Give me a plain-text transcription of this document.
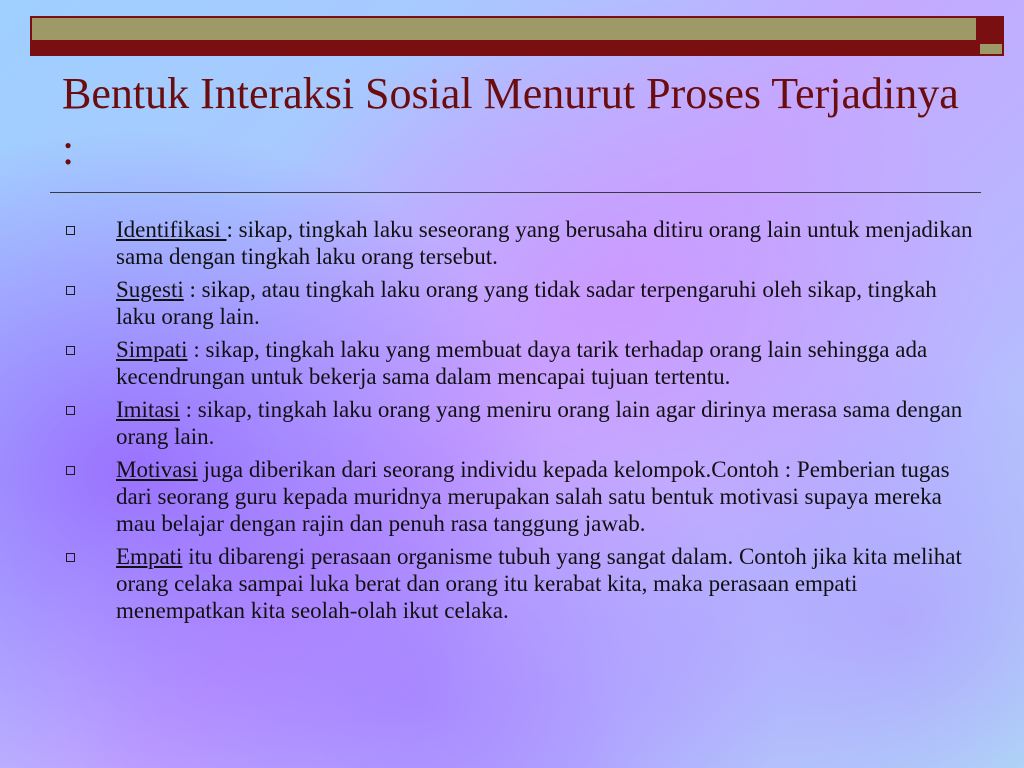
Bentuk Interaksi Sosial Menurut Proses Terjadinya :
Identifikasi : sikap, tingkah laku seseorang yang berusaha ditiru orang lain untuk menjadikan sama dengan tingkah laku orang tersebut.
Sugesti : sikap, atau tingkah laku orang yang tidak sadar terpengaruhi oleh sikap, tingkah laku orang lain.
Simpati : sikap, tingkah laku yang membuat daya tarik terhadap orang lain sehingga ada kecendrungan untuk bekerja sama dalam mencapai tujuan tertentu.
Imitasi : sikap, tingkah laku orang yang meniru orang lain agar dirinya merasa sama dengan orang lain.
Motivasi juga diberikan dari seorang individu kepada kelompok.Contoh : Pemberian tugas dari seorang guru kepada muridnya merupakan salah satu bentuk motivasi supaya mereka mau belajar dengan rajin dan penuh rasa tanggung jawab.
Empati itu dibarengi perasaan organisme tubuh yang sangat dalam. Contoh jika kita melihat orang celaka sampai luka berat dan orang itu kerabat kita, maka perasaan empati menempatkan kita seolah-olah ikut celaka.
